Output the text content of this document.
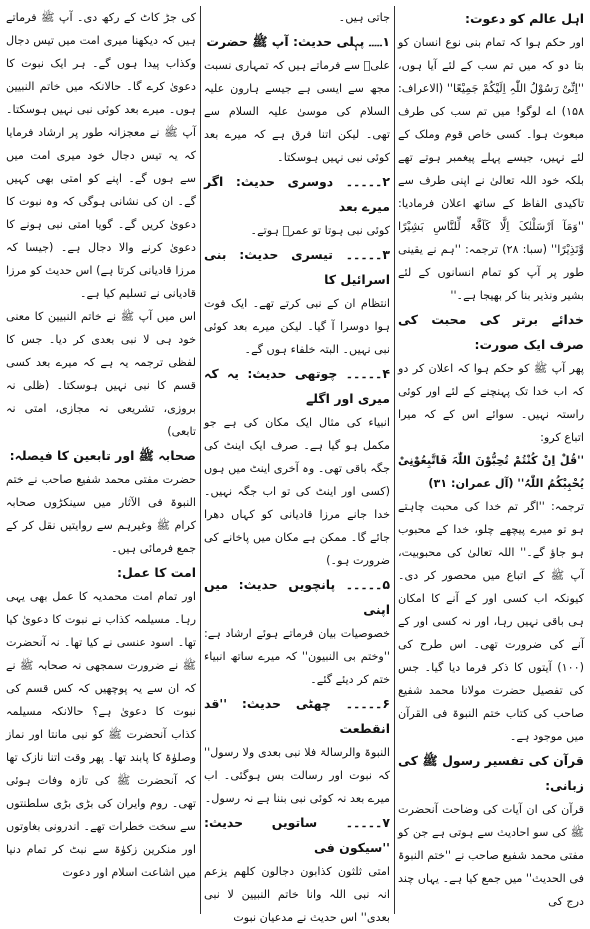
اہل عالم کو دعوت:

اور حکم ہوا کہ تمام بنی نوع انسان کو بتا دو کہ میں تم سب کے لئے آیا ہوں، ''اِنِّیْ رَسُوْلُ اللّٰہِ اِلَیْکُمْ جَمِیْعًا'' (الاعراف: ۱۵۸) اے لوگو! میں تم سب کی طرف مبعوث ہوا۔ کسی خاص قوم وملک کے لئے نہیں، جیسے پہلے پیغمبر ہوتے تھے بلکہ خود اللہ تعالیٰ نے اپنی طرف سے تاکیدی الفاظ کے ساتھ اعلان فرمادیا: ''وَمَآ اَرْسَلْنٰکَ اِلَّا کَآفَّۃً لِّلنَّاسِ بَشِیْرًا وَّنَذِیْرًا'' (سبا: ۲۸) ترجمہ: ''ہم نے یقینی طور پر آپ کو تمام انسانوں کے لئے بشیر ونذیر بنا کر بھیجا ہے۔''

خدائے برتر کی محبت کی صرف ایک صورت:

پھر آپ ﷺ کو حکم ہوا کہ اعلان کر دو کہ اب خدا تک پہنچنے کے لئے اور کوئی راستہ نہیں۔ سوائے اس کے کہ میرا اتباع کرو:

''قُلْ اِنْ کُنْتُمْ تُحِبُّوْنَ اللّٰہَ فَاتَّبِعُوْنِیْ یُحْبِبْکُمُ اللّٰہُ'' (آل عمران: ۳۱)

ترجمہ: ''اگر تم خدا کی محبت چاہتے ہو تو میرے پیچھے چلو، خدا کے محبوب ہو جاؤ گے۔'' اللہ تعالیٰ کی محبوبیت، آپ ﷺ کے اتباع میں محصور کر دی۔ کیونکہ اب کسی اور کے آنے کا امکان ہی باقی نہیں رہا، اور نہ کسی اور کے آنے کی ضرورت تھی۔ اس طرح کی (۱۰۰) آیتوں کا ذکر فرما دیا گیا۔ جس کی تفصیل حضرت مولانا محمد شفیع صاحب کی کتاب ختم النبوۃ فی القرآن میں موجود ہے۔

قرآن کی تفسیر رسول ﷺ کی زبانی:

قرآن کی ان آیات کی وضاحت آنحضرت ﷺ کی سو احادیث سے ہوتی ہے جن کو مفتی محمد شفیع صاحب نے ''ختم النبوۃ فی الحدیث'' میں جمع کیا ہے۔ یہاں چند درج کی

جاتی ہیں۔

۱۔۔۔۔۔ پہلی حدیث: آپ ﷺ حضرت

علیؓ سے فرماتے ہیں کہ تمہاری نسبت مجھ سے ایسی ہے جیسے ہارون علیہ السلام کی موسیٰ علیہ السلام سے تھی۔ لیکن اتنا فرق ہے کہ میرے بعد کوئی نبی نہیں ہوسکتا۔

۲۔۔۔۔۔ دوسری حدیث: اگر میرے بعد

کوئی نبی ہوتا تو عمرؓ ہوتے۔

۳۔۔۔۔۔ تیسری حدیث: بنی اسرائیل کا

انتظام ان کے نبی کرتے تھے۔ ایک فوت ہوا دوسرا آ گیا۔ لیکن میرے بعد کوئی نبی نہیں۔ البتہ خلفاء ہوں گے۔

۴۔۔۔۔۔ چوتھی حدیث: یہ کہ میری اور اگلے

انبیاء کی مثال ایک مکان کی ہے جو مکمل ہو گیا ہے۔ صرف ایک اینٹ کی جگہ باقی تھی۔ وہ آخری اینٹ میں ہوں (کسی اور اینٹ کی تو اب جگہ نہیں۔ خدا جانے مرزا قادیانی کو کہاں دھرا جائے گا۔ ممکن ہے مکان میں پاخانے کی ضرورت ہو۔)

۵۔۔۔۔۔ پانچویں حدیث: میں اپنی

خصوصیات بیان فرماتے ہوئے ارشاد ہے: ''وختم بی النبیون'' کہ میرے ساتھ انبیاء ختم کر دیئے گئے۔

۶۔۔۔۔۔ چھٹی حدیث: ''قد انقطعت

النبوۃ والرسالۃ فلا نبی بعدی ولا رسول'' کہ نبوت اور رسالت بس ہوگئی۔ اب میرے بعد نہ کوئی نبی بننا ہے نہ رسول۔

۷۔۔۔۔۔ ساتویں حدیث: ''سیکون فی

امتی ثلثون کذابون دجالون کلھم یزعم انہ نبی اللہ وانا خاتم النبیین لا نبی بعدی'' اس حدیث نے مدعیان نبوت

کی جڑ کاٹ کے رکھ دی۔ آپ ﷺ فرماتے ہیں کہ دیکھنا میری امت میں تیس دجال وکذاب پیدا ہوں گے۔ ہر ایک نبوت کا دعویٰ کرے گا۔ حالانکہ میں خاتم النبیین ہوں۔ میرے بعد کوئی نبی نہیں ہوسکتا۔ آپ ﷺ نے معجزانہ طور پر ارشاد فرمایا کہ یہ تیس دجال خود میری امت میں سے ہوں گے۔ اپنے کو امتی بھی کہیں گے۔ ان کی نشانی ہوگی کہ وہ نبوت کا دعویٰ کریں گے۔ گویا امتی نبی ہونے کا دعویٰ کرنے والا دجال ہے۔ (جیسا کہ مرزا قادیانی کرتا ہے) اس حدیث کو مرزا قادیانی نے تسلیم کیا ہے۔

اس میں آپ ﷺ نے خاتم النبیین کا معنی خود ہی لا نبی بعدی کر دیا۔ جس کا لفظی ترجمہ یہ ہے کہ میرے بعد کسی قسم کا نبی نہیں ہوسکتا۔ (ظلی نہ بروزی، تشریعی نہ مجازی، امتی نہ تابعی)

صحابہ ﷺ اور تابعین کا فیصلہ:

حضرت مفتی محمد شفیع صاحب نے ختم النبوۃ فی الآثار میں سینکڑوں صحابہ کرام ﷺ وغیرہم سے روایتیں نقل کر کے جمع فرمائی ہیں۔

امت کا عمل:

اور تمام امت محمدیہ کا عمل بھی یہی رہا۔ مسیلمہ کذاب نے نبوت کا دعویٰ کیا تھا۔ اسود عنسی نے کیا تھا۔ نہ آنحضرت ﷺ نے ضرورت سمجھی نہ صحابہ ﷺ نے کہ ان سے یہ پوچھیں کہ کس قسم کی نبوت کا دعویٰ ہے؟ حالانکہ مسیلمہ کذاب آنحضرت ﷺ کو نبی مانتا اور نماز وصلوٰۃ کا پابند تھا۔ پھر وقت اتنا نازک تھا کہ آنحضرت ﷺ کی تازہ وفات ہوئی تھی۔ روم وایران کی بڑی بڑی سلطنتوں سے سخت خطرات تھے۔ اندرونی بغاوتوں اور منکرین زکوٰۃ سے نبٹ کر تمام دنیا میں اشاعت اسلام اور دعوت
